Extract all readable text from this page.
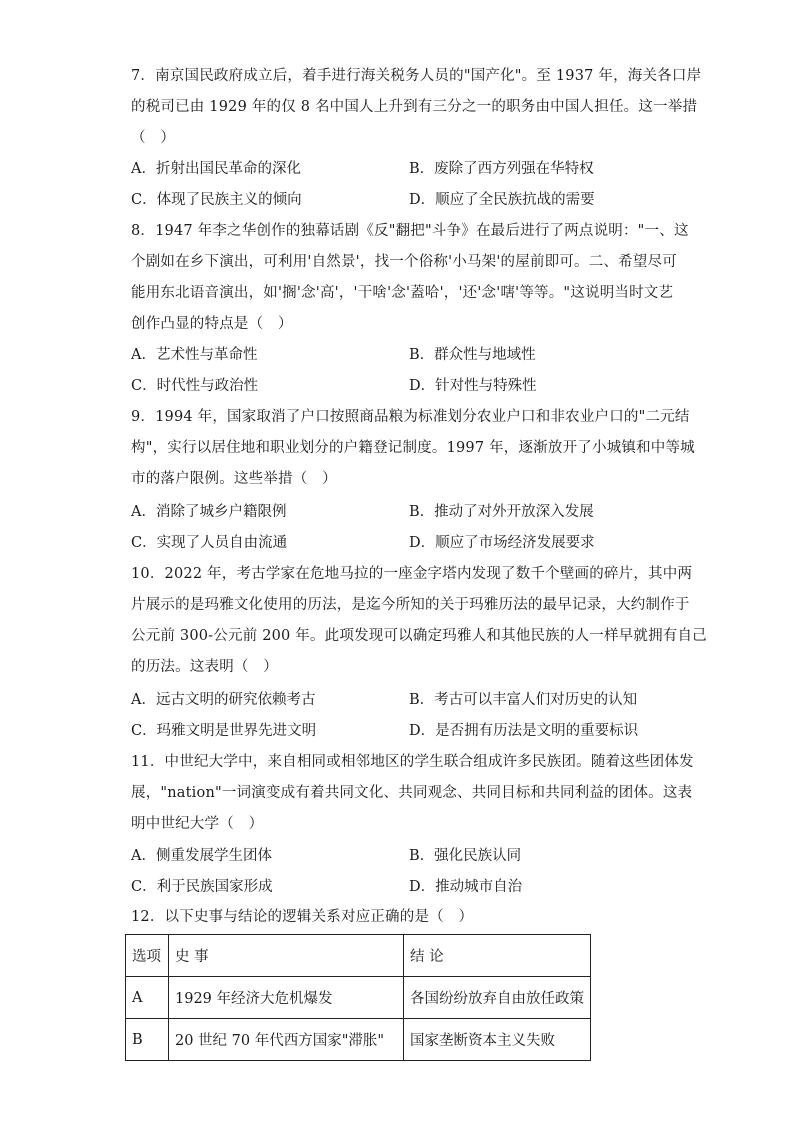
7．南京国民政府成立后，着手进行海关税务人员的"国产化"。至 1937 年，海关各口岸
的税司已由 1929 年的仅 8 名中国人上升到有三分之一的职务由中国人担任。这一举措
（　）
A．折射出国民革命的深化	B．废除了西方列强在华特权
C．体现了民族主义的倾向	D．顺应了全民族抗战的需要
8．1947 年李之华创作的独幕话剧《反"翻把"斗争》在最后进行了两点说明："一、这
个剧如在乡下演出，可利用'自然景'，找一个俗称'小马架'的屋前即可。二、希望尽可
能用东北语音演出，如'搁'念'高'，'干啥'念'蓋哈'，'还'念'嗐'等等。"这说明当时文艺
创作凸显的特点是（　）
A．艺术性与革命性	B．群众性与地域性
C．时代性与政治性	D．针对性与特殊性
9．1994 年，国家取消了户口按照商品粮为标准划分农业户口和非农业户口的"二元结
构"，实行以居住地和职业划分的户籍登记制度。1997 年，逐渐放开了小城镇和中等城
市的落户限例。这些举措（　）
A．消除了城乡户籍限例	B．推动了对外开放深入发展
C．实现了人员自由流通	D．顺应了市场经济发展要求
10．2022 年，考古学家在危地马拉的一座金字塔内发现了数千个壁画的碎片，其中两
片展示的是玛雅文化使用的历法，是迄今所知的关于玛雅历法的最早记录，大约制作于
公元前 300-公元前 200 年。此项发现可以确定玛雅人和其他民族的人一样早就拥有自己
的历法。这表明（　）
A．远古文明的研究依赖考古	B．考古可以丰富人们对历史的认知
C．玛雅文明是世界先进文明	D．是否拥有历法是文明的重要标识
11．中世纪大学中，来自相同或相邻地区的学生联合组成许多民族团。随着这些团体发
展，"nation"一词演变成有着共同文化、共同观念、共同目标和共同利益的团体。这表
明中世纪大学（　）
A．侧重发展学生团体	B．强化民族认同
C．利于民族国家形成	D．推动城市自治
12．以下史事与结论的逻辑关系对应正确的是（　）
选项	史 事	结 论
A	1929 年经济大危机爆发	各国纷纷放弃自由放任政策
B	20 世纪 70 年代西方国家"滞胀"	国家垄断资本主义失败
